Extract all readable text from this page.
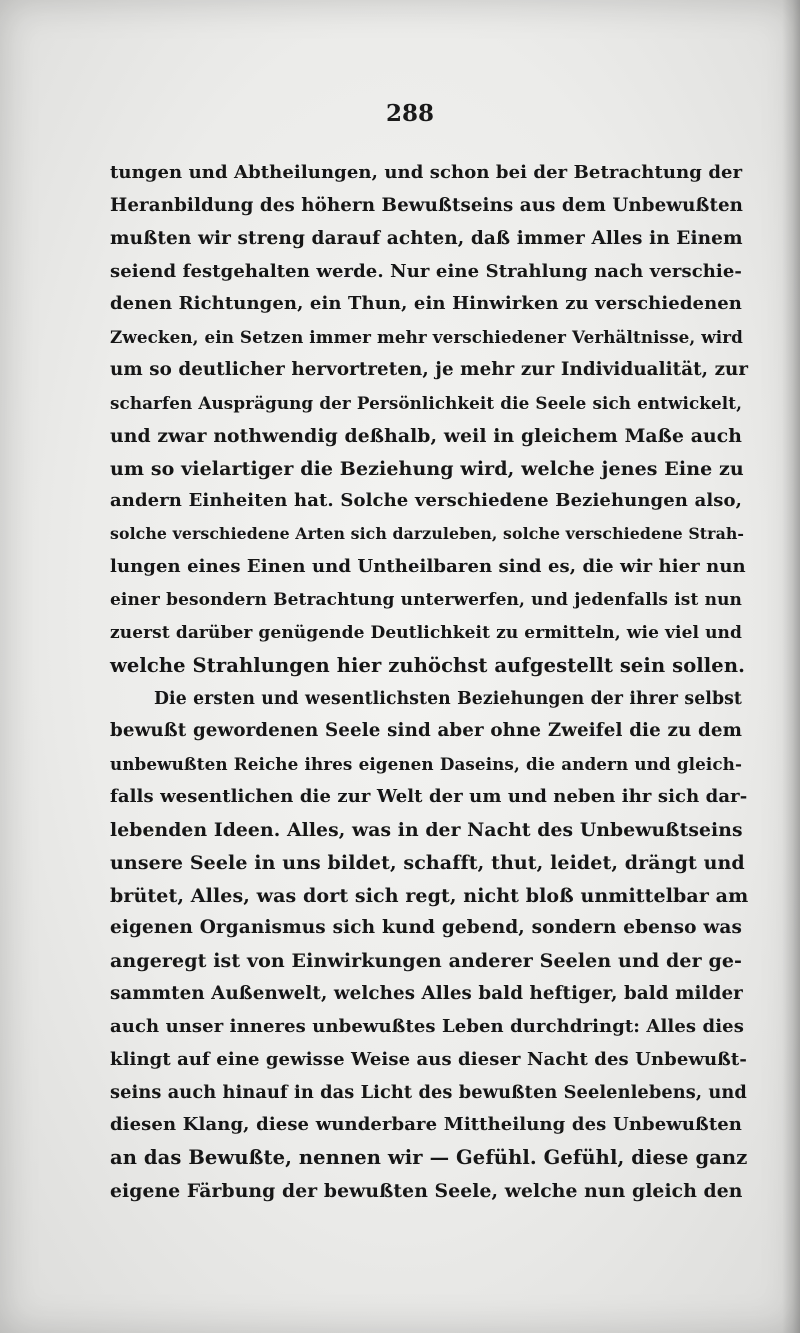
288
tungen und Abtheilungen, und schon bei der Betrachtung der
Heranbildung des höhern Bewußtseins aus dem Unbewußten
mußten wir streng darauf achten, daß immer Alles in Einem
seiend festgehalten werde. Nur eine Strahlung nach verschie-
denen Richtungen, ein Thun, ein Hinwirken zu verschiedenen
Zwecken, ein Setzen immer mehr verschiedener Verhältnisse, wird
um so deutlicher hervortreten, je mehr zur Individualität, zur
scharfen Ausprägung der Persönlichkeit die Seele sich entwickelt,
und zwar nothwendig deßhalb, weil in gleichem Maße auch
um so vielartiger die Beziehung wird, welche jenes Eine zu
andern Einheiten hat. Solche verschiedene Beziehungen also,
solche verschiedene Arten sich darzuleben, solche verschiedene Strah-
lungen eines Einen und Untheilbaren sind es, die wir hier nun
einer besondern Betrachtung unterwerfen, und jedenfalls ist nun
zuerst darüber genügende Deutlichkeit zu ermitteln, wie viel und
welche Strahlungen hier zuhöchst aufgestellt sein sollen.
Die ersten und wesentlichsten Beziehungen der ihrer selbst
bewußt gewordenen Seele sind aber ohne Zweifel die zu dem
unbewußten Reiche ihres eigenen Daseins, die andern und gleich-
falls wesentlichen die zur Welt der um und neben ihr sich dar-
lebenden Ideen. Alles, was in der Nacht des Unbewußtseins
unsere Seele in uns bildet, schafft, thut, leidet, drängt und
brütet, Alles, was dort sich regt, nicht bloß unmittelbar am
eigenen Organismus sich kund gebend, sondern ebenso was
angeregt ist von Einwirkungen anderer Seelen und der ge-
sammten Außenwelt, welches Alles bald heftiger, bald milder
auch unser inneres unbewußtes Leben durchdringt: Alles dies
klingt auf eine gewisse Weise aus dieser Nacht des Unbewußt-
seins auch hinauf in das Licht des bewußten Seelenlebens, und
diesen Klang, diese wunderbare Mittheilung des Unbewußten
an das Bewußte, nennen wir — Gefühl. Gefühl, diese ganz
eigene Färbung der bewußten Seele, welche nun gleich den
